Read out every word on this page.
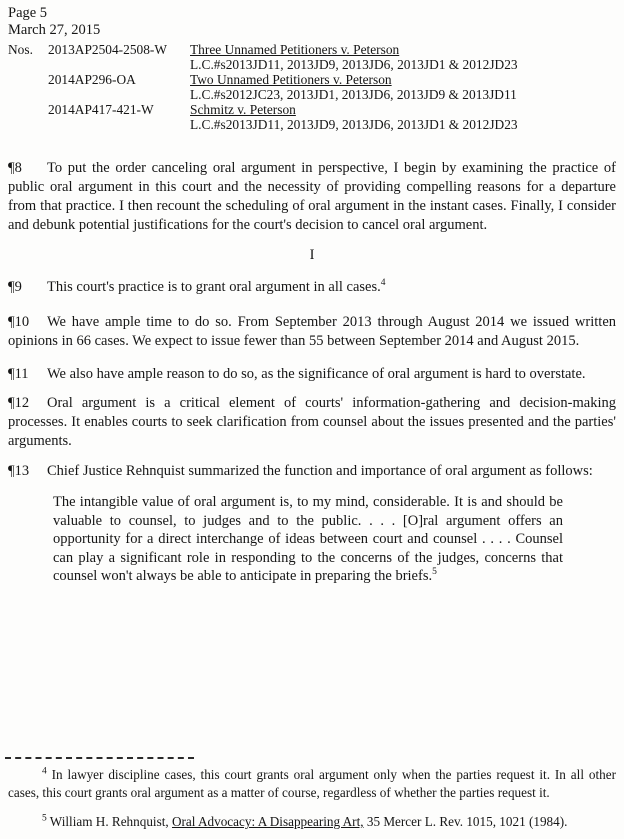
Page 5
March 27, 2015
Nos.	2013AP2504-2508-W	Three Unnamed Petitioners v. Peterson
L.C.#s2013JD11, 2013JD9, 2013JD6, 2013JD1 & 2012JD23
2014AP296-OA	Two Unnamed Petitioners v. Peterson
L.C.#s2012JC23, 2013JD1, 2013JD6, 2013JD9 & 2013JD11
2014AP417-421-W	Schmitz v. Peterson
L.C.#s2013JD11, 2013JD9, 2013JD6, 2013JD1 & 2012JD23

¶8 To put the order canceling oral argument in perspective, I begin by examining the practice of public oral argument in this court and the necessity of providing compelling reasons for a departure from that practice. I then recount the scheduling of oral argument in the instant cases. Finally, I consider and debunk potential justifications for the court's decision to cancel oral argument.

I

¶9 This court's practice is to grant oral argument in all cases.$^4$

¶10 We have ample time to do so. From September 2013 through August 2014 we issued written opinions in 66 cases. We expect to issue fewer than 55 between September 2014 and August 2015.

¶11 We also have ample reason to do so, as the significance of oral argument is hard to overstate.

¶12 Oral argument is a critical element of courts' information-gathering and decision-making processes. It enables courts to seek clarification from counsel about the issues presented and the parties' arguments.

¶13 Chief Justice Rehnquist summarized the function and importance of oral argument as follows:

The intangible value of oral argument is, to my mind, considerable. It is and should be valuable to counsel, to judges and to the public. . . . [O]ral argument offers an opportunity for a direct interchange of ideas between court and counsel . . . . Counsel can play a significant role in responding to the concerns of the judges, concerns that counsel won't always be able to anticipate in preparing the briefs.$^5$

$^4$ In lawyer discipline cases, this court grants oral argument only when the parties request it. In all other cases, this court grants oral argument as a matter of course, regardless of whether the parties request it.

$^5$ William H. Rehnquist, Oral Advocacy: A Disappearing Art, 35 Mercer L. Rev. 1015, 1021 (1984).
